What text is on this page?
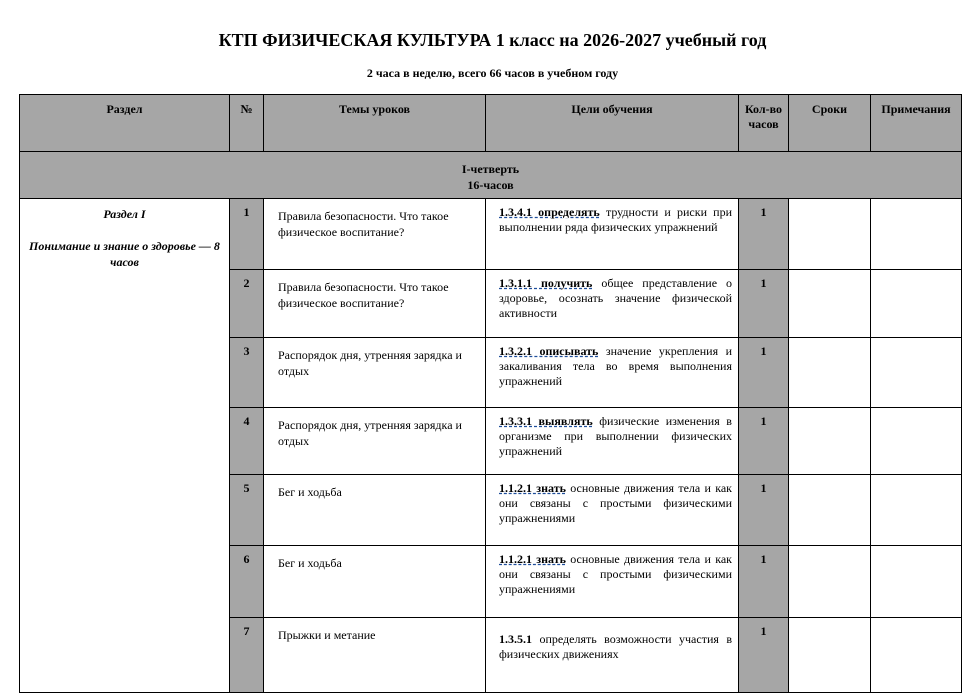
КТП ФИЗИЧЕСКАЯ КУЛЬТУРА 1 класс на 2026-2027 учебный год
2 часа в неделю, всего 66 часов в учебном году
Раздел	№	Темы уроков	Цели обучения	Кол-во часов	Сроки	Примечания

I-четверть
16-часов						

Раздел I
Понимание и знание о здоровье — 8 часов	1	Правила безопасности. Что такое физическое воспитание?	1.3.4.1 определять трудности и риски при выполнении ряда физических упражнений	1		
	2	Правила безопасности. Что такое физическое воспитание?	1.3.1.1 получить общее представление о здоровье, осознать значение физической активности	1		
	3	Распорядок дня, утренняя зарядка и отдых	1.3.2.1 описывать значение укрепления и закаливания тела во время выполнения упражнений	1		
	4	Распорядок дня, утренняя зарядка и отдых	1.3.3.1 выявлять физические изменения в организме при выполнении физических упражнений	1		
	5	Бег и ходьба	1.1.2.1 знать основные движения тела и как они связаны с простыми физическими упражнениями	1		
	6	Бег и ходьба	1.1.2.1 знать основные движения тела и как они связаны с простыми физическими упражнениями	1		
	7	Прыжки и метание	1.3.5.1 определять возможности участия в физических движениях	1		
